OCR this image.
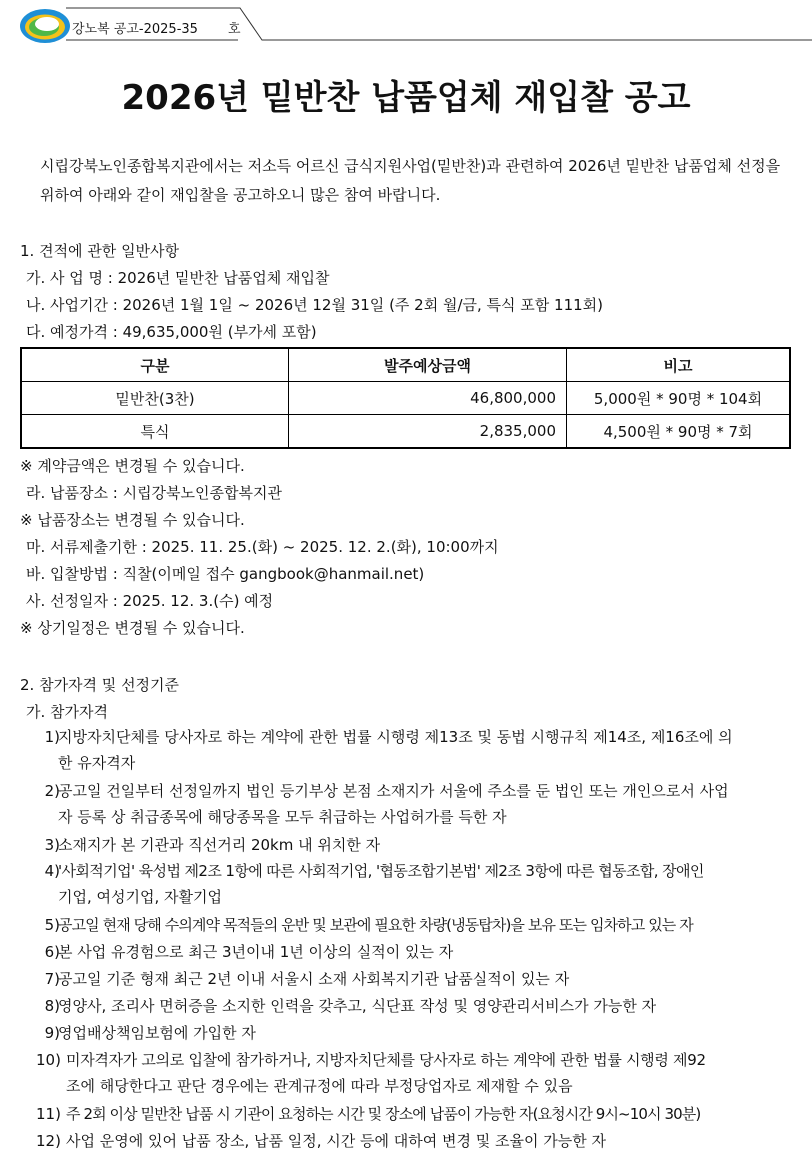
강노복 공고-2025-35 호
2026년 밑반찬 납품업체 재입찰 공고
시립강북노인종합복지관에서는 저소득 어르신 급식지원사업(밑반찬)과 관련하여 2026년 밑반찬 납품업체 선정을 위하여 아래와 같이 재입찰을 공고하오니 많은 참여 바랍니다.
1. 견적에 관한 일반사항
가. 사 업 명 : 2026년 밑반찬 납품업체 재입찰
나. 사업기간 : 2026년 1월 1일 ~ 2026년 12월 31일 (주 2회 월/금, 특식 포함 111회)
다. 예정가격 : 49,635,000원 (부가세 포함)
구분	발주예상금액	비고
밑반찬(3찬)	46,800,000	5,000원 * 90명 * 104회
특식	2,835,000	4,500원 * 90명 * 7회
※ 계약금액은 변경될 수 있습니다.
라. 납품장소 : 시립강북노인종합복지관
※ 납품장소는 변경될 수 있습니다.
마. 서류제출기한 : 2025. 11. 25.(화) ~ 2025. 12. 2.(화), 10:00까지
바. 입찰방법 : 직찰(이메일 접수 gangbook@hanmail.net)
사. 선정일자 : 2025. 12. 3.(수) 예정
※ 상기일정은 변경될 수 있습니다.
2. 참가자격 및 선정기준
가. 참가자격
1)
지방자치단체를 당사자로 하는 계약에 관한 법률 시행령 제13조 및 동법 시행규칙 제14조, 제16조에 의
한 유자격자
2)
공고일 건일부터 선정일까지 법인 등기부상 본점 소재지가 서울에 주소를 둔 법인 또는 개인으로서 사업
자 등록 상 취급종목에 해당종목을 모두 취급하는 사업허가를 득한 자
3)
소재지가 본 기관과 직선거리 20km 내 위치한 자
4)
'사회적기업' 육성법 제2조 1항에 따른 사회적기업, '협동조합기본법' 제2조 3항에 따른 협동조합, 장애인
기업, 여성기업, 자활기업
5)
공고일 현재 당해 수의계약 목적들의 운반 및 보관에 필요한 차량(냉동탑차)을 보유 또는 임차하고 있는 자
6)
본 사업 유경험으로 최근 3년이내 1년 이상의 실적이 있는 자
7)
공고일 기준 형재 최근 2년 이내 서울시 소재 사회복지기관 납품실적이 있는 자
8)
영양사, 조리사 면허증을 소지한 인력을 갖추고, 식단표 작성 및 영양관리서비스가 가능한 자
9)
영업배상책임보험에 가입한 자
10) 미자격자가 고의로 입찰에 참가하거나, 지방자치단체를 당사자로 하는 계약에 관한 법률 시행령 제92
조에 해당한다고 판단 경우에는 관계규정에 따라 부정당업자로 제재할 수 있음
11) 주 2회 이상 밑반찬 납품 시 기관이 요청하는 시간 및 장소에 납품이 가능한 자(요청시간 9시~10시 30분)
12) 사업 운영에 있어 납품 장소, 납품 일정, 시간 등에 대하여 변경 및 조율이 가능한 자
